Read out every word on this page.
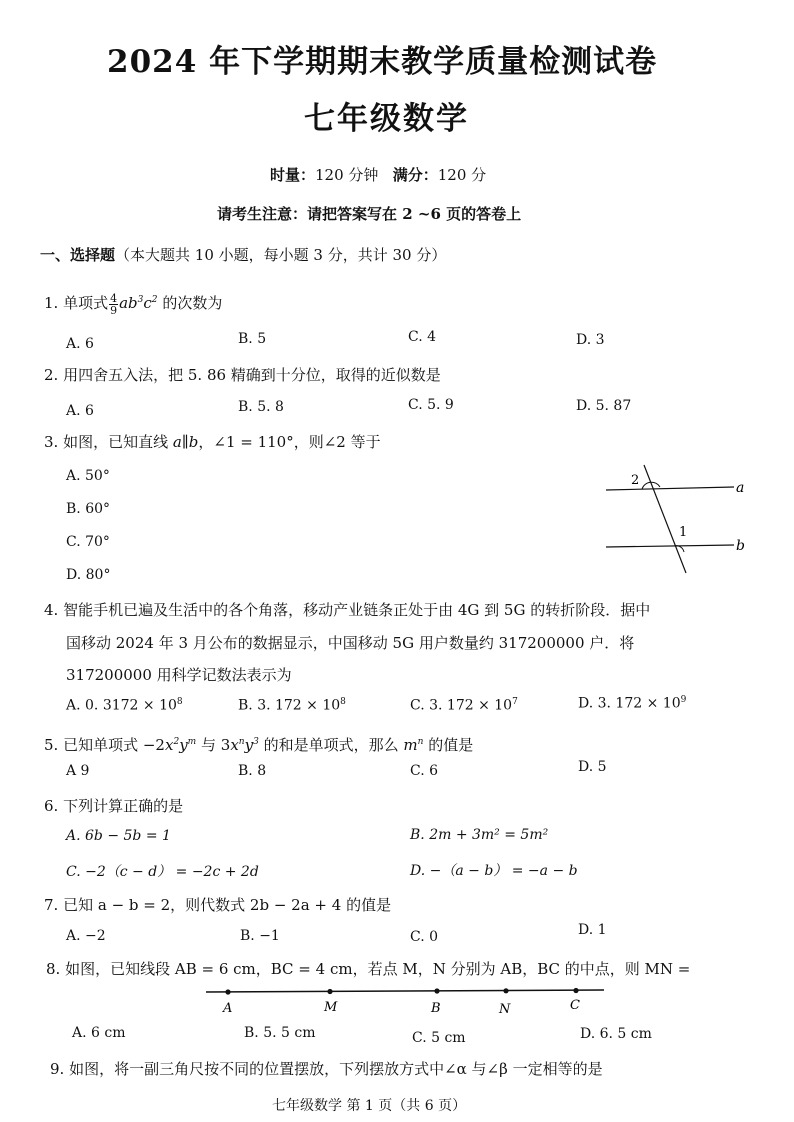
2024 年下学期期末教学质量检测试卷
七年级数学
时量：120 分钟 满分：120 分
请考生注意：请把答案写在 2 ~6 页的答卷上
一、选择题（本大题共 10 小题，每小题 3 分，共计 30 分）
1. 单项式 $\frac{4}{9} ab^3c^2$ 的次数为
A. 6	B. 5	C. 4	D. 3
2. 用四舍五入法，把 5. 86 精确到十分位，取得的近似数是
A. 6	B. 5. 8	C. 5. 9	D. 5. 87
3. 如图，已知直线 a∥b，∠1 = 110°，则∠2 等于
A. 50°
B. 60°
C. 70°
D. 80°
2
1
a
b
4. 智能手机已遍及生活中的各个角落，移动产业链条正处于由 4G 到 5G 的转折阶段．据中
国移动 2024 年 3 月公布的数据显示，中国移动 5G 用户数量约 317200000 户．将
317200000 用科学记数法表示为
A. 0. $3172 \times 10^8$	B. 3. $172 \times 10^8$	C. 3. $172 \times 10^7$	D. 3. $172 \times 10^9$
5. 已知单项式 $-2x^2y^m$ 与 $3x^ny^3$ 的和是单项式，那么 $m^n$ 的值是
A 9	B. 8	C. 6	D. 5
6. 下列计算正确的是
A. 6b − 5b = 1	B. 2m + 3m² = 5m²
C. −2（c − d） = −2c + 2d	D. −（a − b） = −a − b
7. 已知 a − b = 2，则代数式 2b − 2a + 4 的值是
A. −2	B. −1	C. 0	D. 1
8. 如图，已知线段 AB = 6 cm，BC = 4 cm，若点 M，N 分别为 AB，BC 的中点，则 MN =
A	M	B	N	C
A. 6 cm	B. 5. 5 cm	C. 5 cm	D. 6. 5 cm
9. 如图，将一副三角尺按不同的位置摆放，下列摆放方式中∠α 与∠β 一定相等的是
七年级数学 第 1 页（共 6 页）
